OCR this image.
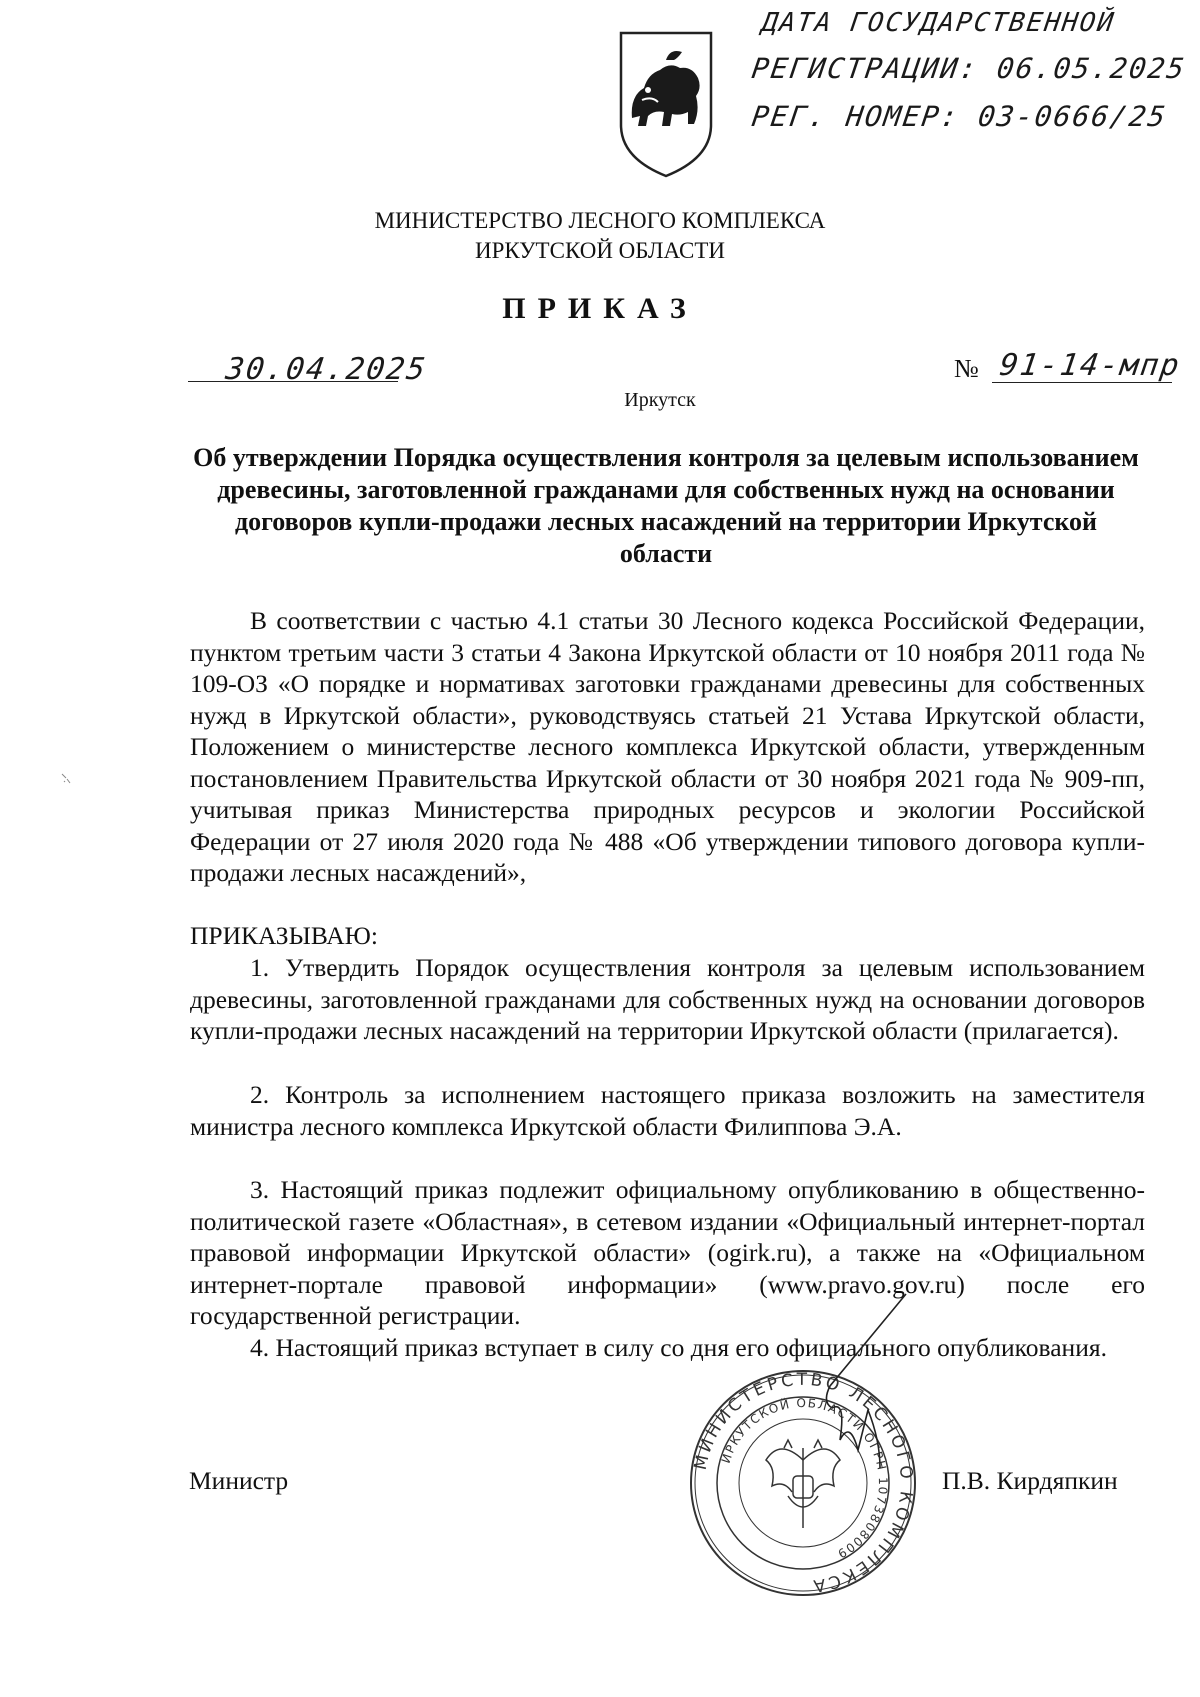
ДАТА ГОСУДАРСТВЕННОЙ
РЕГИСТРАЦИИ: 06.05.2025
РЕГ. НОМЕР: 03-0666/25
МИНИСТЕРСТВО ЛЕСНОГО КОМПЛЕКСА
ИРКУТСКОЙ ОБЛАСТИ
ПРИКАЗ
30.04.2025	№ 91-14-мпр
Иркутск
Об утверждении Порядка осуществления контроля за целевым использованием древесины, заготовленной гражданами для собственных нужд на основании договоров купли-продажи лесных насаждений на территории Иркутской области

В соответствии с частью 4.1 статьи 30 Лесного кодекса Российской Федерации, пунктом третьим части 3 статьи 4 Закона Иркутской области от 10 ноября 2011 года № 109-ОЗ «О порядке и нормативах заготовки гражданами древесины для собственных нужд в Иркутской области», руководствуясь статьей 21 Устава Иркутской области, Положением о министерстве лесного комплекса Иркутской области, утвержденным постановлением Правительства Иркутской области от 30 ноября 2021 года № 909-пп, учитывая приказ Министерства природных ресурсов и экологии Российской Федерации от 27 июля 2020 года № 488 «Об утверждении типового договора купли-продажи лесных насаждений»,

ПРИКАЗЫВАЮ:

1. Утвердить Порядок осуществления контроля за целевым использованием древесины, заготовленной гражданами для собственных нужд на основании договоров купли-продажи лесных насаждений на территории Иркутской области (прилагается).

2. Контроль за исполнением настоящего приказа возложить на заместителя министра лесного комплекса Иркутской области Филиппова Э.А.

3. Настоящий приказ подлежит официальному опубликованию в общественно-политической газете «Областная», в сетевом издании «Официальный интернет-портал правовой информации Иркутской области» (ogirk.ru), а также на «Официальном интернет-портале правовой информации» (www.pravo.gov.ru) после его государственной регистрации.

4. Настоящий приказ вступает в силу со дня его официального опубликования.

МИНИСТЕРСТВО ЛЕСНОГО КОМПЛЕКСА
ИРКУТСКОЙ ОБЛАСТИ ОГРН 1073808009
Министр	П.В. Кирдяпкин
